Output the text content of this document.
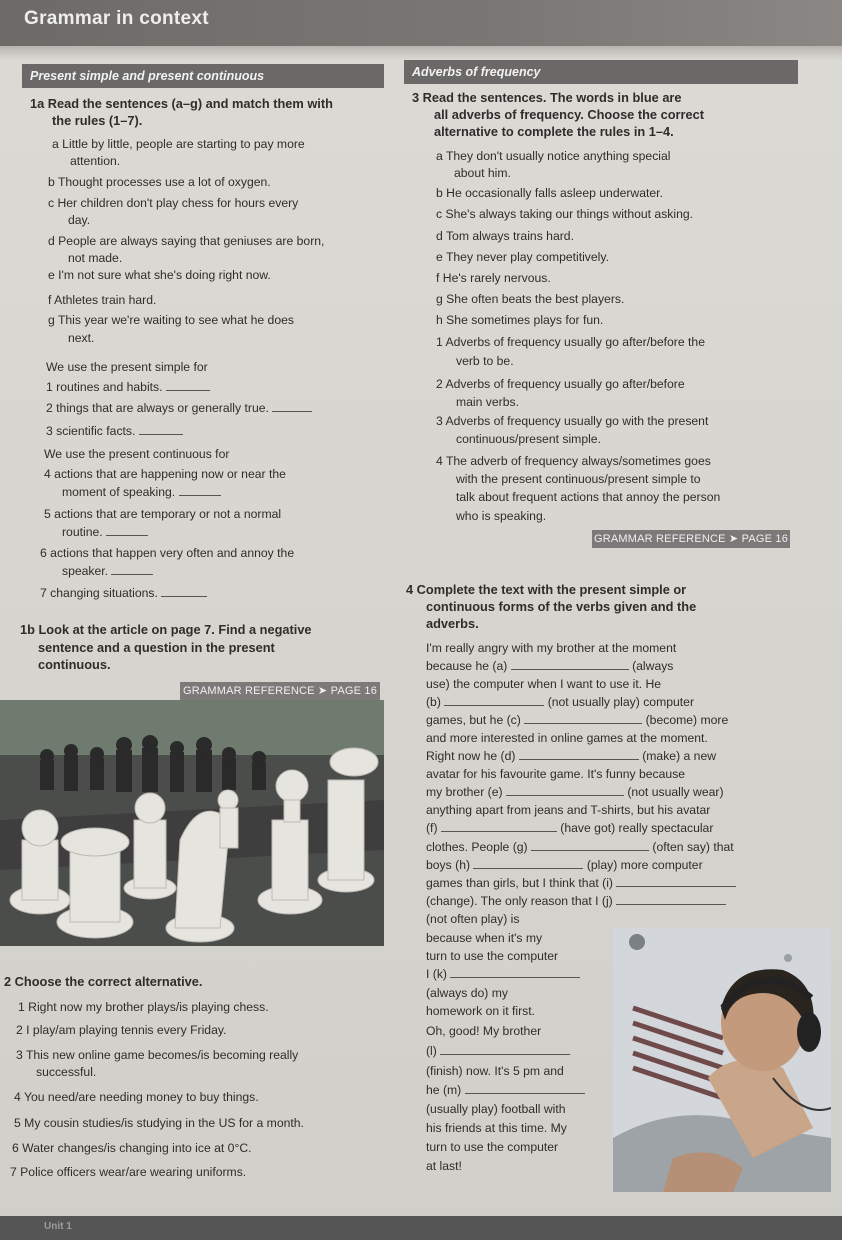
Grammar in context
Present simple and present continuous	Adverbs of frequency
1a Read the sentences (a–g) and match them with
the rules (1–7).
a Little by little, people are starting to pay more
attention.
b Thought processes use a lot of oxygen.
c Her children don't play chess for hours every
day.
d People are always saying that geniuses are born,
not made.
e I'm not sure what she's doing right now.
f Athletes train hard.
g This year we're waiting to see what he does
next.
We use the present simple for
1 routines and habits.
2 things that are always or generally true.
3 scientific facts.
We use the present continuous for
4 actions that are happening now or near the
moment of speaking.
5 actions that are temporary or not a normal
routine.
6 actions that happen very often and annoy the
speaker.
7 changing situations.
1b Look at the article on page 7. Find a negative
sentence and a question in the present
continuous.
GRAMMAR REFERENCE ➤ PAGE 16
2 Choose the correct alternative.
1 Right now my brother plays/is playing chess.
2 I play/am playing tennis every Friday.
3 This new online game becomes/is becoming really
successful.
4 You need/are needing money to buy things.
5 My cousin studies/is studying in the US for a month.
6 Water changes/is changing into ice at 0°C.
7 Police officers wear/are wearing uniforms.
3 Read the sentences. The words in blue are
all adverbs of frequency. Choose the correct
alternative to complete the rules in 1–4.
a They don't usually notice anything special
about him.
b He occasionally falls asleep underwater.
c She's always taking our things without asking.
d Tom always trains hard.
e They never play competitively.
f He's rarely nervous.
g She often beats the best players.
h She sometimes plays for fun.
1 Adverbs of frequency usually go after/before the
verb to be.
2 Adverbs of frequency usually go after/before
main verbs.
3 Adverbs of frequency usually go with the present
continuous/present simple.
4 The adverb of frequency always/sometimes goes
with the present continuous/present simple to
talk about frequent actions that annoy the person
who is speaking.
GRAMMAR REFERENCE ➤ PAGE 16
4 Complete the text with the present simple or
continuous forms of the verbs given and the
adverbs.
I'm really angry with my brother at the moment
because he (a)	(always
use) the computer when I want to use it. He
(b)	(not usually play) computer
games, but he (c)	(become) more
and more interested in online games at the moment.
Right now he (d)	(make) a new
avatar for his favourite game. It's funny because
my brother (e)	(not usually wear)
anything apart from jeans and T-shirts, but his avatar
(f)	(have got) really spectacular
clothes. People (g)	(often say) that
boys (h)	(play) more computer
games than girls, but I think that (i)
(change). The only reason that I (j)
(not often play) is
because when it's my
turn to use the computer
I (k)
(always do) my
homework on it first.
Oh, good! My brother
(l)
(finish) now. It's 5 pm and
he (m)
(usually play) football with
his friends at this time. My
turn to use the computer
at last!
Unit 1
